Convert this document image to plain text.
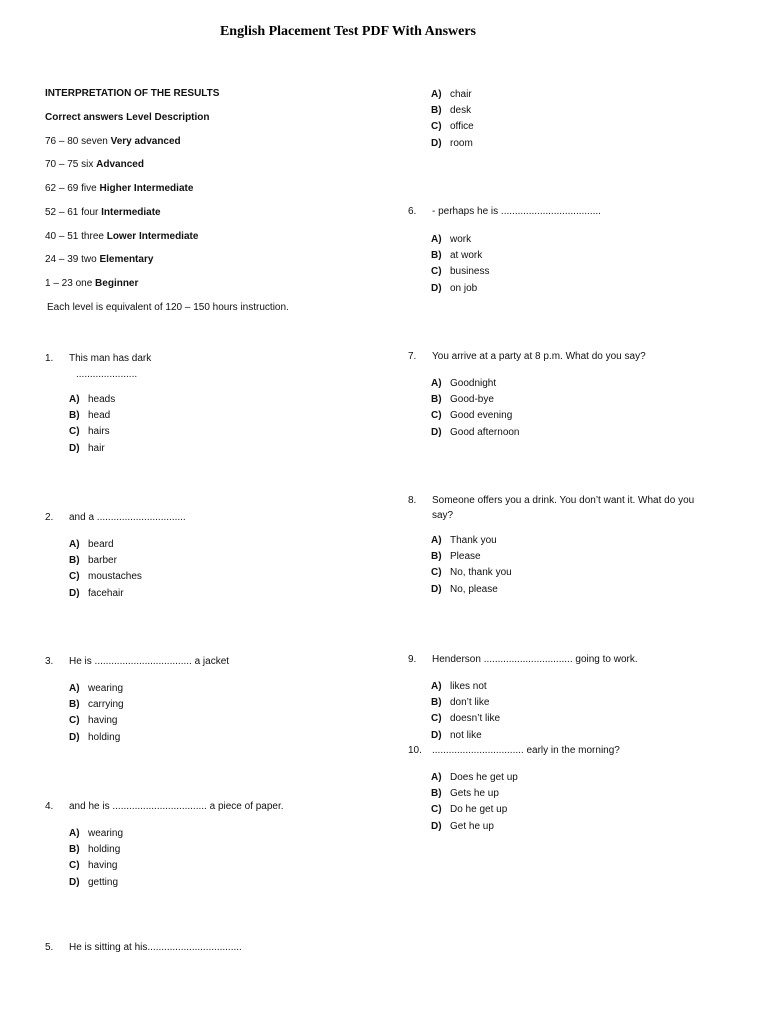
English Placement Test PDF With Answers
INTERPRETATION OF THE RESULTS
Correct answers Level Description
76 – 80 seven Very advanced
70 – 75 six Advanced
62 – 69 five Higher Intermediate
52 – 61 four Intermediate
40 – 51 three Lower Intermediate
24 – 39 two Elementary
1 – 23 one Beginner
Each level is equivalent of 120 – 150 hours instruction.
1. This man has dark
......................
A) heads
B) head
C) hairs
D) hair
2. and a ................................
A) beard
B) barber
C) moustaches
D) facehair
3. He is ................................... a jacket
A) wearing
B) carrying
C) having
D) holding
4. and he is .................................. a piece of paper.
A) wearing
B) holding
C) having
D) getting
5. He is sitting at his..................................
A) chair
B) desk
C) office
D) room
6. - perhaps he is ....................................
A) work
B) at work
C) business
D) on job
7. You arrive at a party at 8 p.m. What do you say?
A) Goodnight
B) Good-bye
C) Good evening
D) Good afternoon
8. Someone offers you a drink. You don’t want it. What do you
say?
A) Thank you
B) Please
C) No, thank you
D) No, please
9. Henderson ................................ going to work.
A) likes not
B) don’t like
C) doesn’t like
D) not like
10. ................................. early in the morning?
A) Does he get up
B) Gets he up
C) Do he get up
D) Get he up
